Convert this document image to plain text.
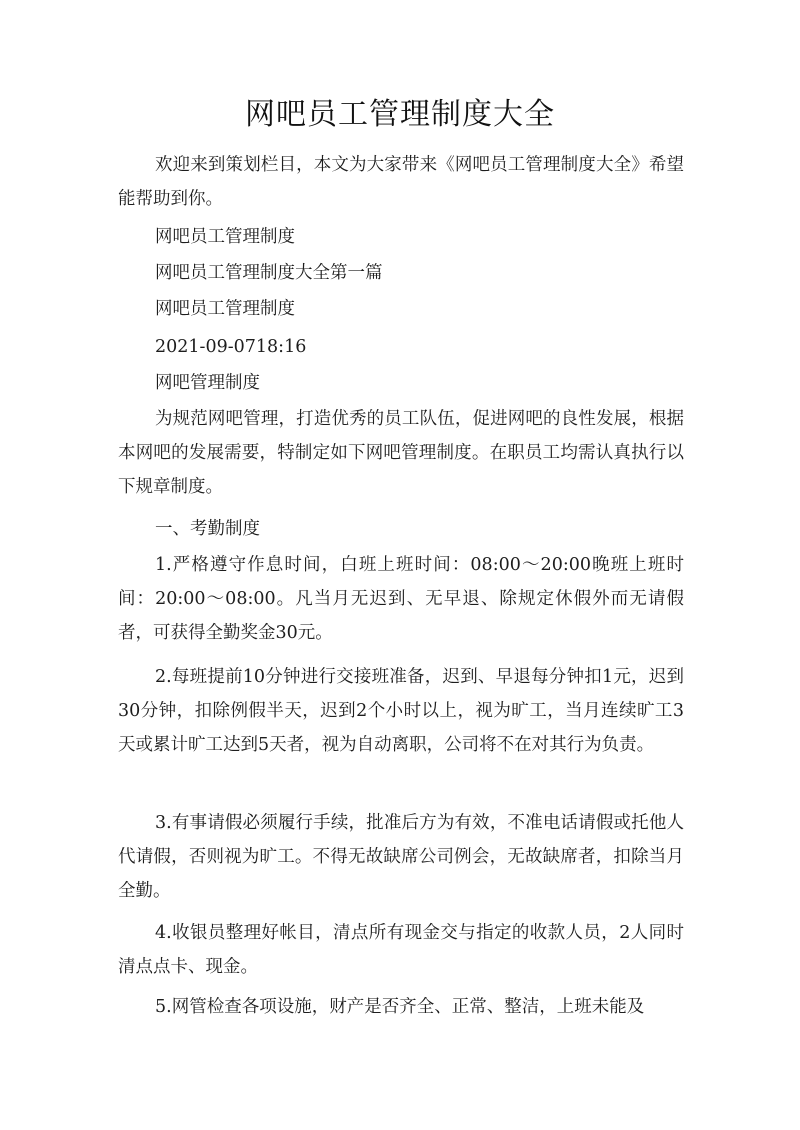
网吧员工管理制度大全
欢迎来到策划栏目，本文为大家带来《网吧员工管理制度大全》希望能帮助到你。
网吧员工管理制度
网吧员工管理制度大全第一篇
网吧员工管理制度
2021-09-0718:16
网吧管理制度
为规范网吧管理，打造优秀的员工队伍，促进网吧的良性发展，根据本网吧的发展需要，特制定如下网吧管理制度。在职员工均需认真执行以下规章制度。
一、考勤制度
1.严格遵守作息时间，白班上班时间：08:00～20:00晚班上班时间：20:00～08:00。凡当月无迟到、无早退、除规定休假外而无请假者，可获得全勤奖金30元。
2.每班提前10分钟进行交接班准备，迟到、早退每分钟扣1元，迟到30分钟，扣除例假半天，迟到2个小时以上，视为旷工，当月连续旷工3天或累计旷工达到5天者，视为自动离职，公司将不在对其行为负责。
3.有事请假必须履行手续，批准后方为有效，不准电话请假或托他人代请假，否则视为旷工。不得无故缺席公司例会，无故缺席者，扣除当月全勤。
4.收银员整理好帐目，清点所有现金交与指定的收款人员，2人同时清点点卡、现金。
5.网管检查各项设施，财产是否齐全、正常、整洁，上班未能及
